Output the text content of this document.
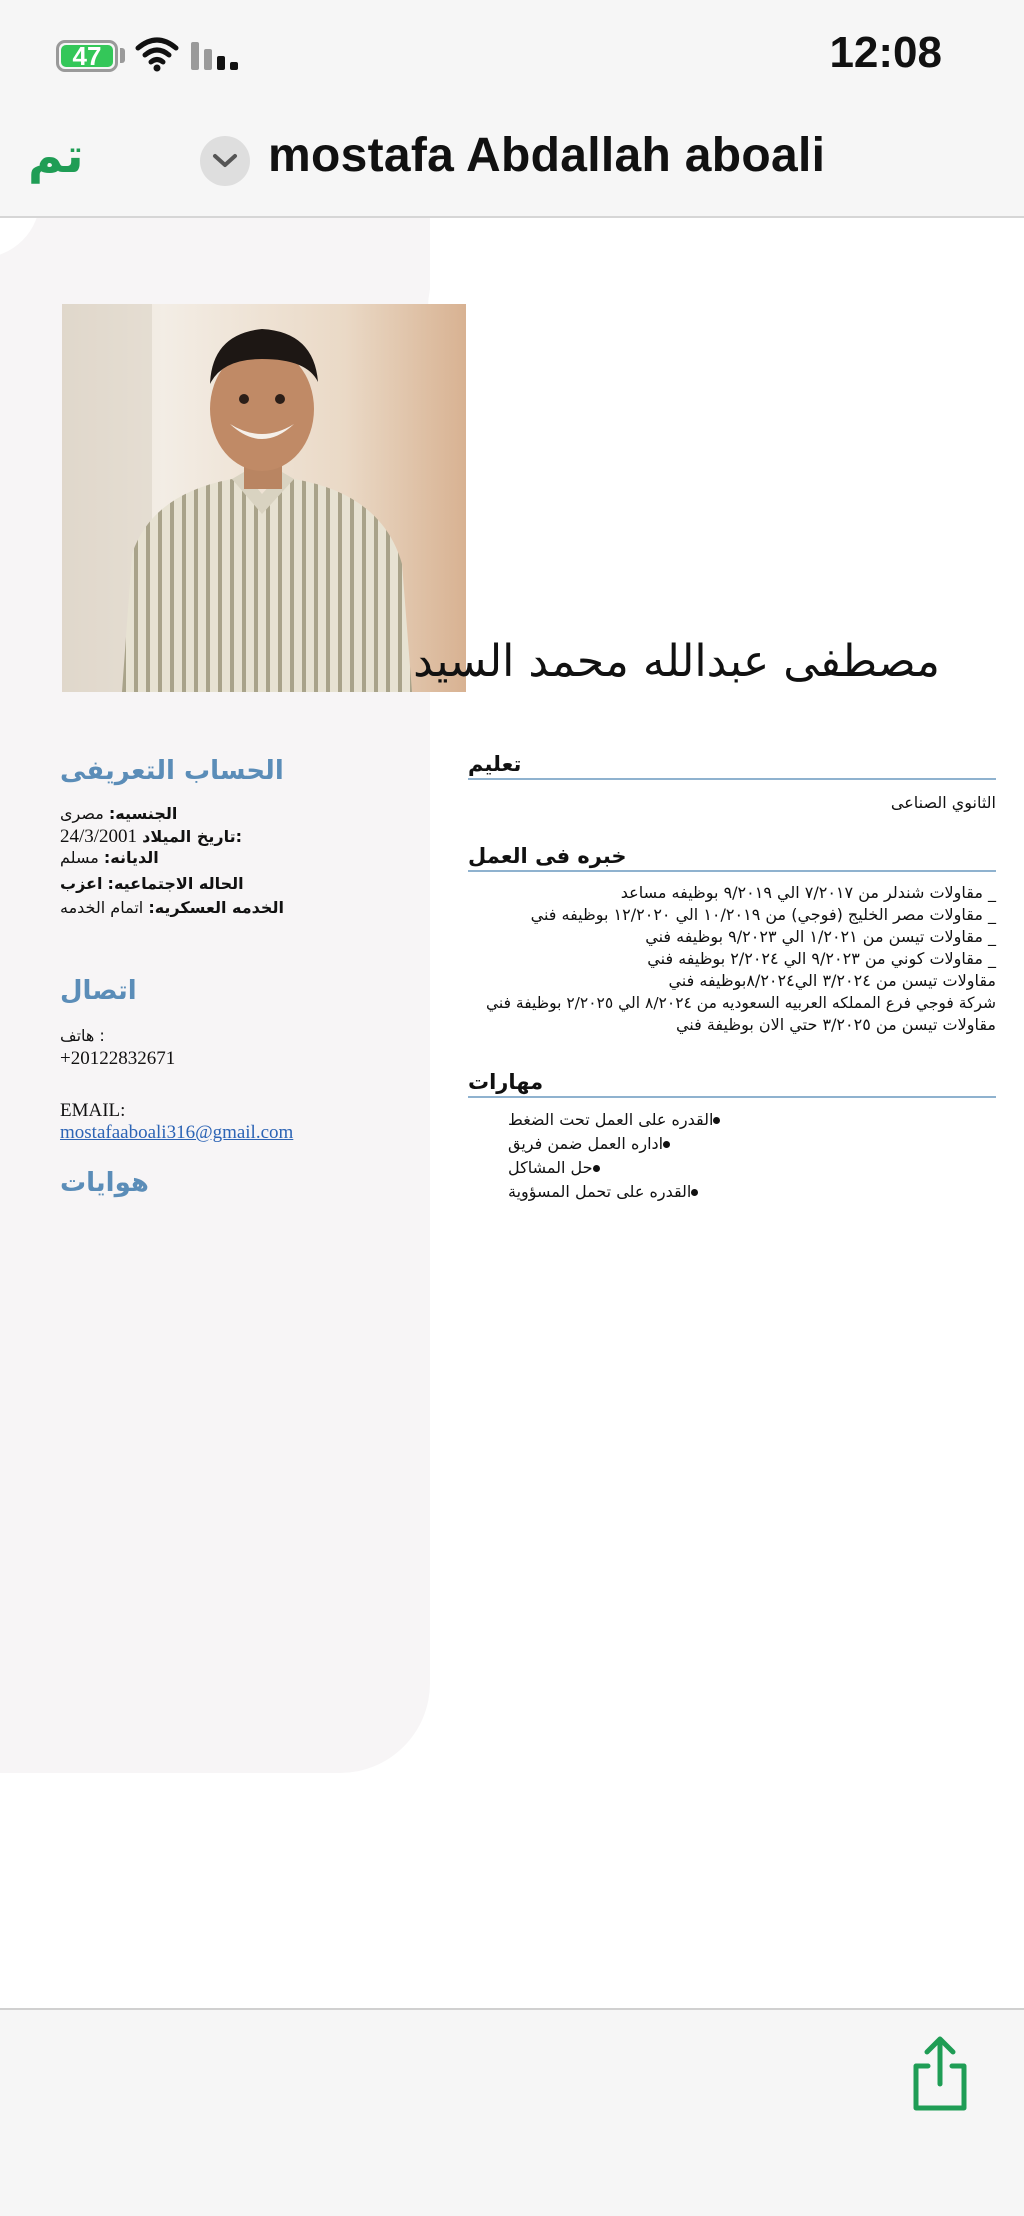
47	12:08
تم	mostafa Abdallah aboali
مصطفى عبدالله محمد السيد
الحساب التعريفى
الجنسيه: مصرى
24/3/2001 تاريخ الميلاد:
الديانه: مسلم
الحاله الاجتماعيه: اعزب
الخدمه العسكريه: اتمام الخدمه
اتصال
هاتف :
+20122832671
EMAIL:
mostafaaboali316@gmail.com
هوايات
تعليم
الثانوي الصناعى
خبره فى العمل
_ مقاولات شندلر من ٧/٢٠١٧ الي ٩/٢٠١٩ بوظيفه مساعد
_ مقاولات مصر الخليج (فوجي) من ١٠/٢٠١٩ الي ١٢/٢٠٢٠ بوظيفه فني
_ مقاولات تيسن من ١/٢٠٢١ الي ٩/٢٠٢٣ بوظيفه فني
_ مقاولات كوني من ٩/٢٠٢٣ الي ٢/٢٠٢٤ بوظيفه فني
مقاولات تيسن من ٣/٢٠٢٤ الي٨/٢٠٢٤بوظيفه فني
شركة فوجي فرع المملكه العربيه السعوديه من ٨/٢٠٢٤ الي ٢/٢٠٢٥ بوظيفة فني
مقاولات تيسن من ٣/٢٠٢٥ حتي الان بوظيفة فني
مهارات
القدره على العمل تحت الضغط
اداره العمل ضمن فريق
حل المشاكل
القدره على تحمل المسؤوية
